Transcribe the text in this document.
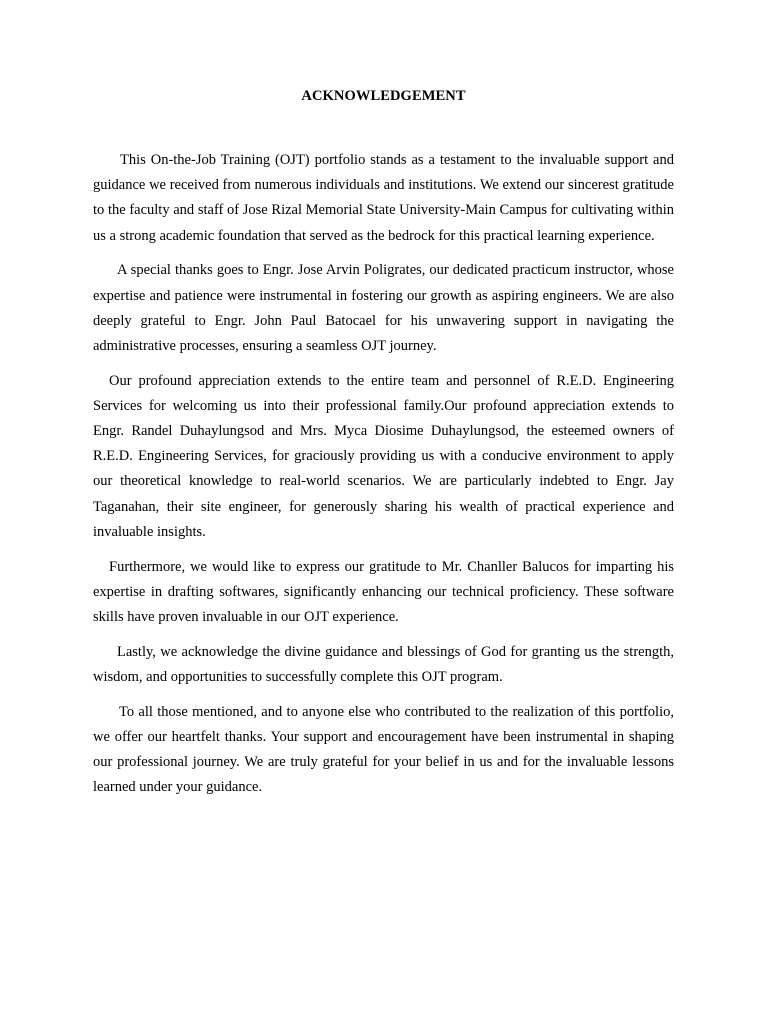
ACKNOWLEDGEMENT

This On-the-Job Training (OJT) portfolio stands as a testament to the invaluable support and guidance we received from numerous individuals and institutions. We extend our sincerest gratitude to the faculty and staff of Jose Rizal Memorial State University-Main Campus for cultivating within us a strong academic foundation that served as the bedrock for this practical learning experience.

A special thanks goes to Engr. Jose Arvin Poligrates, our dedicated practicum instructor, whose expertise and patience were instrumental in fostering our growth as aspiring engineers. We are also deeply grateful to Engr. John Paul Batocael for his unwavering support in navigating the administrative processes, ensuring a seamless OJT journey.

Our profound appreciation extends to the entire team and personnel of R.E.D. Engineering Services for welcoming us into their professional family.Our profound appreciation extends to Engr. Randel Duhaylungsod and Mrs. Myca Diosime Duhaylungsod, the esteemed owners of R.E.D. Engineering Services, for graciously providing us with a conducive environment to apply our theoretical knowledge to real-world scenarios. We are particularly indebted to Engr. Jay Taganahan, their site engineer, for generously sharing his wealth of practical experience and invaluable insights.

Furthermore, we would like to express our gratitude to Mr. Chanller Balucos for imparting his expertise in drafting softwares, significantly enhancing our technical proficiency. These software skills have proven invaluable in our OJT experience.

Lastly, we acknowledge the divine guidance and blessings of God for granting us the strength, wisdom, and opportunities to successfully complete this OJT program.

To all those mentioned, and to anyone else who contributed to the realization of this portfolio, we offer our heartfelt thanks. Your support and encouragement have been instrumental in shaping our professional journey. We are truly grateful for your belief in us and for the invaluable lessons learned under your guidance.
